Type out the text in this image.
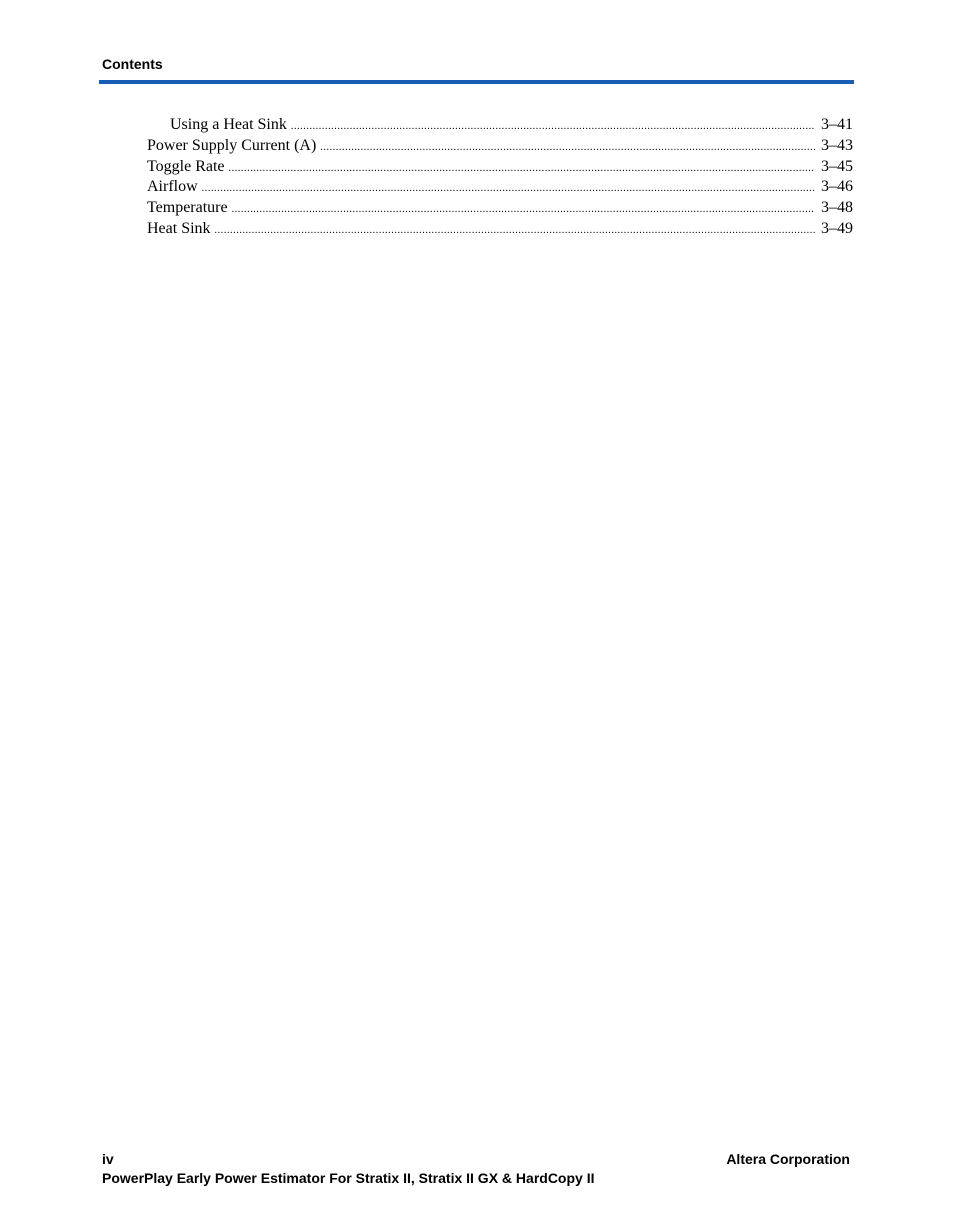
Contents
Using a Heat Sink .....	3–41
Power Supply Current (A) .....	3–43
Toggle Rate .....	3–45
Airflow .....	3–46
Temperature .....	3–48
Heat Sink .....	3–49
iv	Altera Corporation
PowerPlay Early Power Estimator For Stratix II, Stratix II GX & HardCopy II
